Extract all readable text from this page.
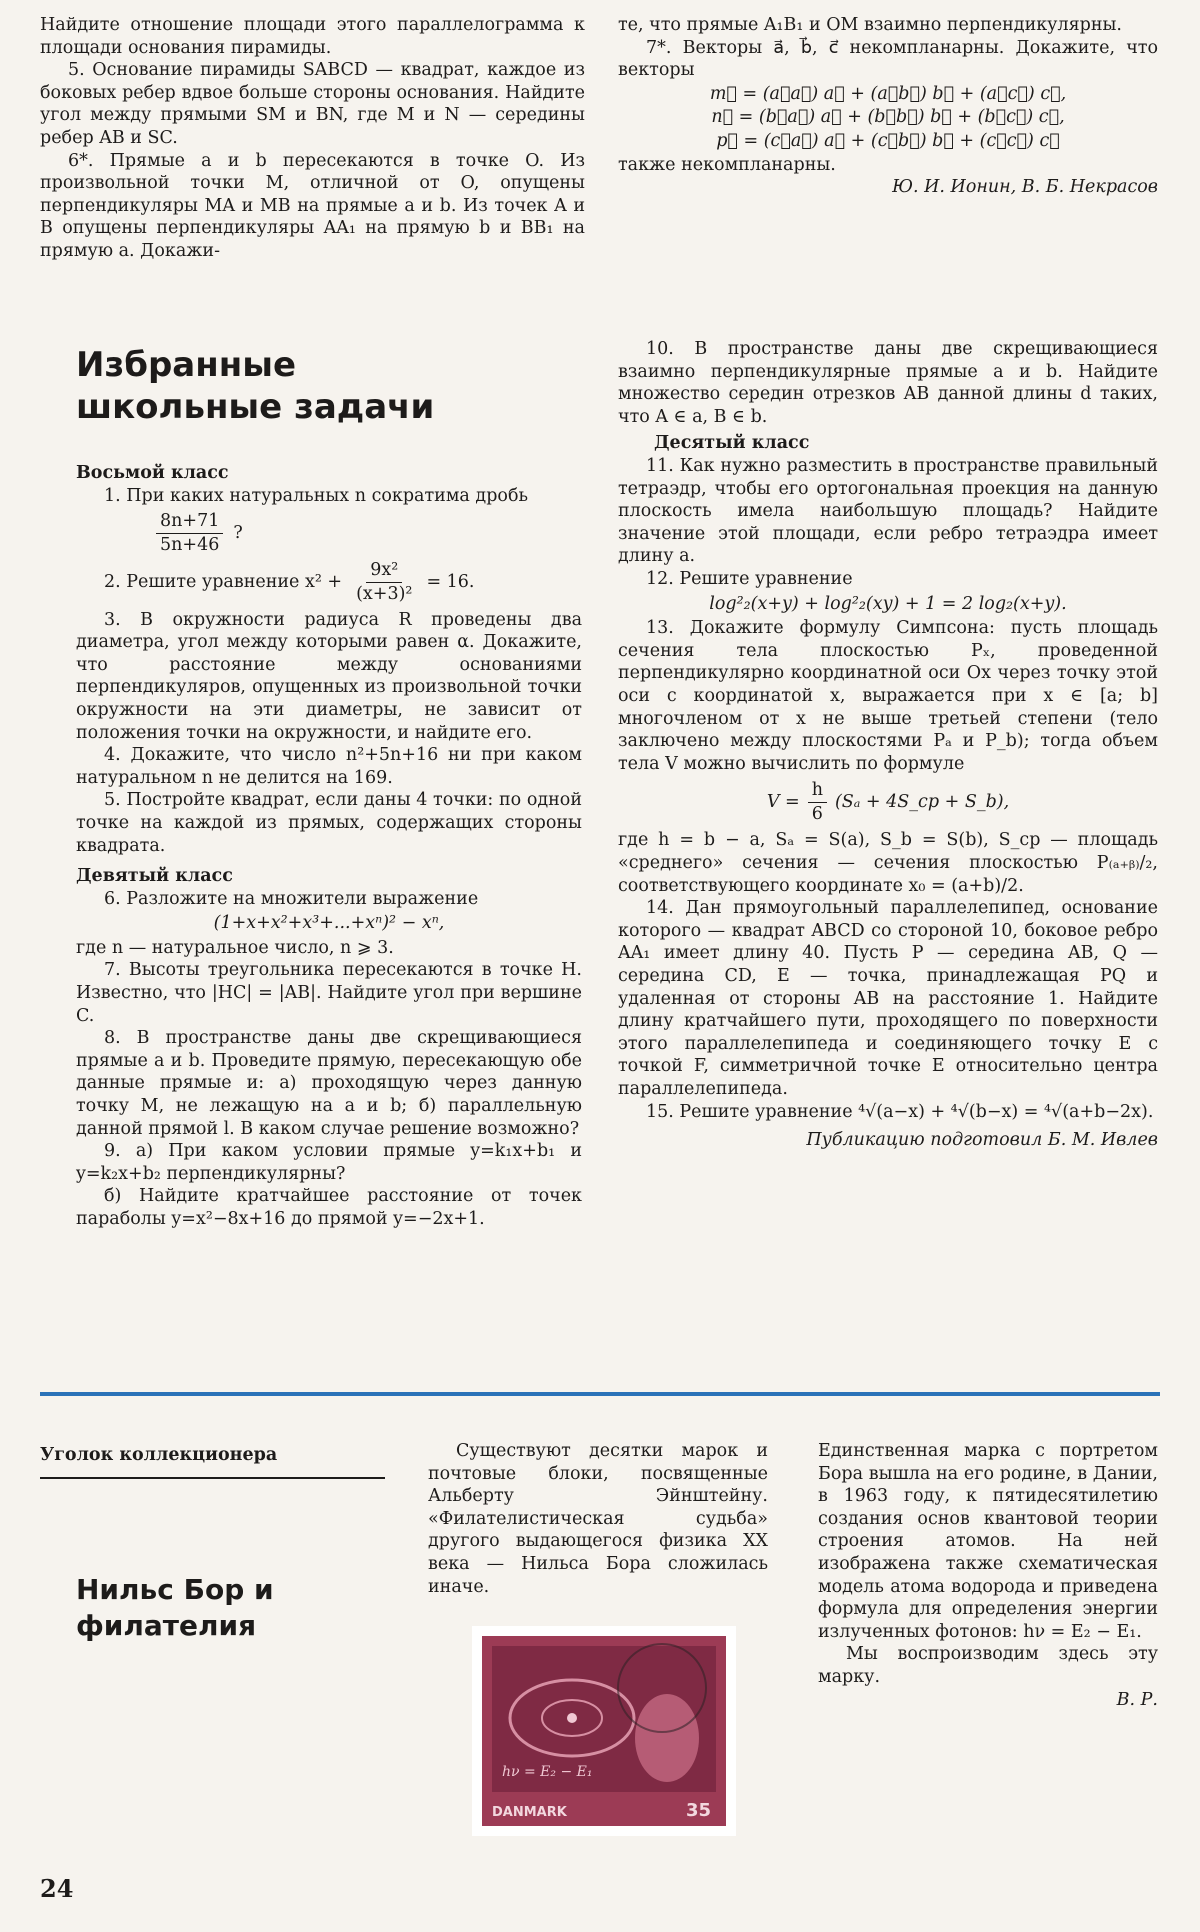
Найдите отношение площади этого параллелограмма к площади основания пирамиды.

5. Основание пирамиды SABCD — квадрат, каждое из боковых ребер вдвое больше стороны основания. Найдите угол между прямыми SM и BN, где M и N — середины ребер AB и SC.

6*. Прямые a и b пересекаются в точке O. Из произвольной точки M, отличной от O, опущены перпендикуляры MA и MB на прямые a и b. Из точек A и B опущены перпендикуляры AA₁ на прямую b и BB₁ на прямую a. Докажи-

те, что прямые A₁B₁ и OM взаимно перпендикулярны.

7*. Векторы a⃗, b⃗, c⃗ некомпланарны. Докажите, что векторы

m⃗ = (a⃗a⃗) a⃗ + (a⃗b⃗) b⃗ + (a⃗c⃗) c⃗,
n⃗ = (b⃗a⃗) a⃗ + (b⃗b⃗) b⃗ + (b⃗c⃗) c⃗,
p⃗ = (c⃗a⃗) a⃗ + (c⃗b⃗) b⃗ + (c⃗c⃗) c⃗

также некомпланарны.

Ю. И. Ионин, В. Б. Некрасов

Избранные школьные задачи

Восьмой класс

1. При каких натуральных n сократима дробь

$\frac{8n+71}{5n+46}$ ?
2. Решите уравнение $x^2 + \frac{\text{9x²}}{\text{(x+3)²}} = 16$.

3. В окружности радиуса R проведены два диаметра, угол между которыми равен α. Докажите, что расстояние между основаниями перпендикуляров, опущенных из произвольной точки окружности на эти диаметры, не зависит от положения точки на окружности, и найдите его.

4. Докажите, что число n²+5n+16 ни при каком натуральном n не делится на 169.

5. Постройте квадрат, если даны 4 точки: по одной точке на каждой из прямых, содержащих стороны квадрата.

Девятый класс

6. Разложите на множители выражение

(1+x+x²+x³+...+xⁿ)² − xⁿ,

где n — натуральное число, n ⩾ 3.

7. Высоты треугольника пересекаются в точке H. Известно, что |HC| = |AB|. Найдите угол при вершине C.

8. В пространстве даны две скрещивающиеся прямые a и b. Проведите прямую, пересекающую обе данные прямые и: а) проходящую через данную точку M, не лежащую на a и b; б) параллельную данной прямой l. В каком случае решение возможно?

9. а) При каком условии прямые y=k₁x+b₁ и y=k₂x+b₂ перпендикулярны?

б) Найдите кратчайшее расстояние от точек параболы y=x²−8x+16 до прямой y=−2x+1.

10. В пространстве даны две скрещивающиеся взаимно перпендикулярные прямые a и b. Найдите множество середин отрезков AB данной длины d таких, что A ∈ a, B ∈ b.

Десятый класс

11. Как нужно разместить в пространстве правильный тетраэдр, чтобы его ортогональная проекция на данную плоскость имела наибольшую площадь? Найдите значение этой площади, если ребро тетраэдра имеет длину a.

12. Решите уравнение

log²₂(x+y) + log²₂(xy) + 1 = 2 log₂(x+y).

13. Докажите формулу Симпсона: пусть площадь сечения тела плоскостью Pₓ, проведенной перпендикулярно координатной оси Ox через точку этой оси с координатой x, выражается при x ∈ [a; b] многочленом от x не выше третьей степени (тело заключено между плоскостями Pₐ и P_b); тогда объем тела V можно вычислить по формуле

$V = \frac{h}{6} (S_a$ + 4S_ср + S_b),

где h = b − a, Sₐ = S(a), S_b = S(b), S_ср — площадь «среднего» сечения — сечения плоскостью P₍ₐ₊ᵦ₎/₂, соответствующего координате x₀ = (a+b)/2.

14. Дан прямоугольный параллелепипед, основание которого — квадрат ABCD со стороной 10, боковое ребро AA₁ имеет длину 40. Пусть P — середина AB, Q — середина CD, E — точка, принадлежащая PQ и удаленная от стороны AB на расстояние 1. Найдите длину кратчайшего пути, проходящего по поверхности этого параллелепипеда и соединяющего точку E с точкой F, симметричной точке E относительно центра параллелепипеда.

15. Решите уравнение ⁴√(a−x) + ⁴√(b−x) = ⁴√(a+b−2x).

Публикацию подготовил Б. М. Ивлев

Уголок коллекционера

Нильс Бор и филателия

Существуют десятки марок и почтовые блоки, посвященные Альберту Эйнштейну. «Филателистическая судьба» другого выдающегося физика XX века — Нильса Бора сложилась иначе.

hν = E₂ − E₁
DANMARK	35

Единственная марка с портретом Бора вышла на его родине, в Дании, в 1963 году, к пятидесятилетию создания основ квантовой теории строения атомов. На ней изображена также схематическая модель атома водорода и приведена формула для определения энергии излученных фотонов: hν = E₂ − E₁.

Мы воспроизводим здесь эту марку.

В. Р.

24
